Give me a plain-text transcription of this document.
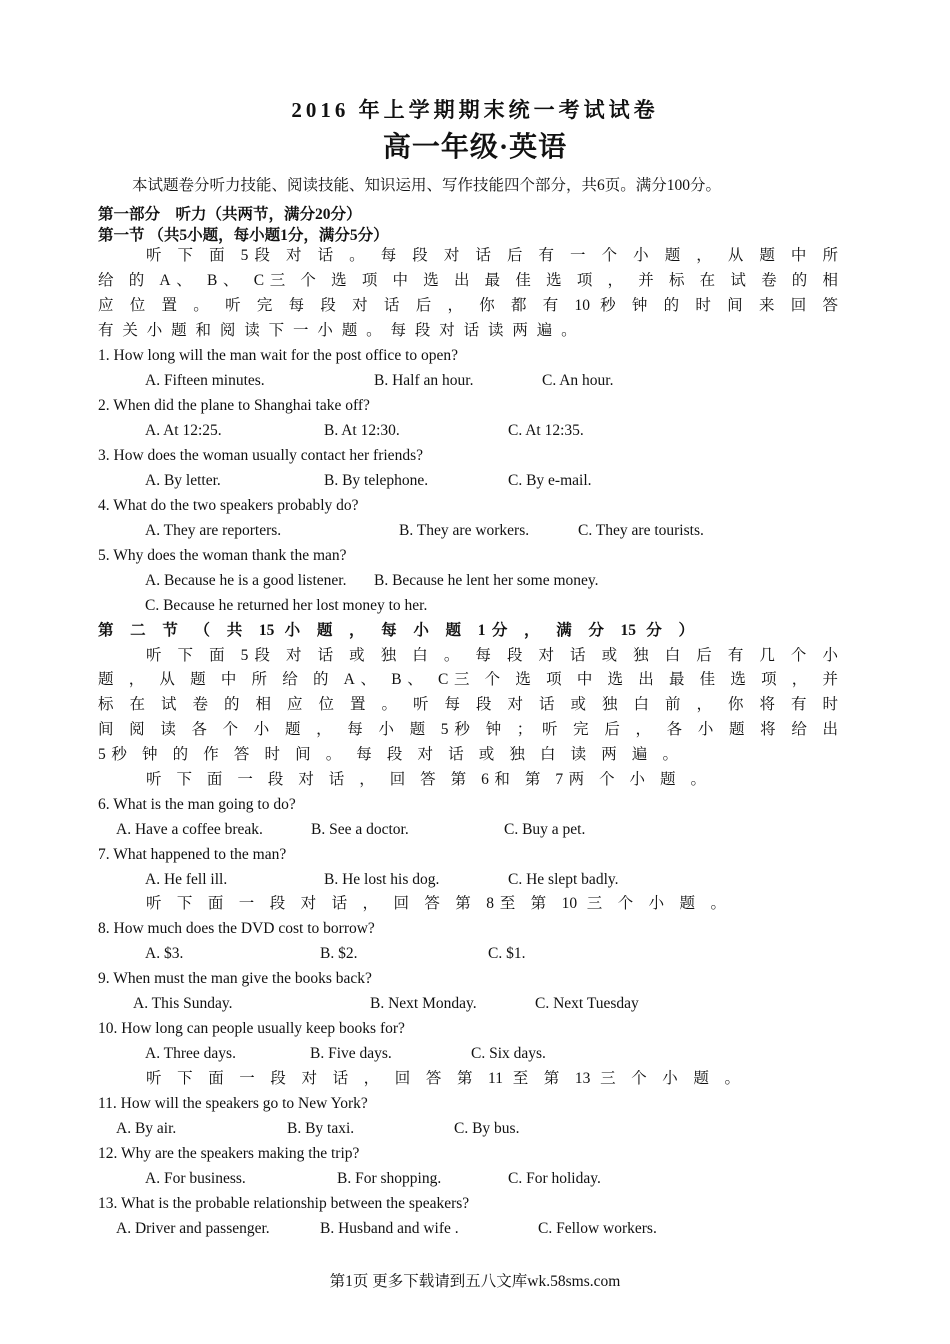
2016 年上学期期末统一考试试卷
高一年级·英语
本试题卷分听力技能、阅读技能、知识运用、写作技能四个部分，共6页。满分100分。
第一部分　听力（共两节，满分20分）
第一节 （共5小题，每小题1分，满分5分）
听 下 面 5段 对 话 。 每 段 对 话 后 有 一 个 小 题 ， 从 题 中 所
给 的 A、 B、 C三 个 选 项 中 选 出 最 佳 选 项 ， 并 标 在 试 卷 的 相
应 位 置 。 听 完 每 段 对 话 后 ， 你 都 有 10 秒 钟 的 时 间 来 回 答
有 关 小 题 和 阅 读 下 一 小 题 。 每 段 对 话 读 两 遍 。
1. How long will the man wait for the post office to open?
A. Fifteen minutes.	B. Half an hour.	C. An hour.
2. When did the plane to Shanghai take off?
A. At 12:25.	B. At 12:30.	C. At 12:35.
3. How does the woman usually contact her friends?
A. By letter.	B. By telephone.	C. By e-mail.
4. What do the two speakers probably do?
A. They are reporters.	B. They are workers.	C. They are tourists.
5. Why does the woman thank the man?
A. Because he is a good listener. B. Because he lent her some money.
C. Because he returned her lost money to her.
第 二 节 （ 共 15 小 题 ， 每 小 题 1分 ， 满 分 15 分 ）
听 下 面 5段 对 话 或 独 白 。 每 段 对 话 或 独 白 后 有 几 个 小
题 ， 从 题 中 所 给 的 A、 B、 C三 个 选 项 中 选 出 最 佳 选 项 ， 并
标 在 试 卷 的 相 应 位 置 。 听 每 段 对 话 或 独 白 前 ， 你 将 有 时
间 阅 读 各 个 小 题 ， 每 小 题 5秒 钟 ； 听 完 后 ， 各 小 题 将 给 出
5秒 钟 的 作 答 时 间 。 每 段 对 话 或 独 白 读 两 遍 。
听 下 面 一 段 对 话 ， 回 答 第 6和 第 7两 个 小 题 。
6. What is the man going to do?
A. Have a coffee break.	B. See a doctor.	C. Buy a pet.
7. What happened to the man?
A. He fell ill.	B. He lost his dog.	C. He slept badly.
听 下 面 一 段 对 话 ， 回 答 第 8至 第 10 三 个 小 题 。
8. How much does the DVD cost to borrow?
A. $3.	B. $2.	C. $1.
9. When must the man give the books back?
A. This Sunday.	B. Next Monday.	C. Next Tuesday
10. How long can people usually keep books for?
A. Three days.	B. Five days.	C. Six days.
听 下 面 一 段 对 话 ， 回 答 第 11 至 第 13 三 个 小 题 。
11. How will the speakers go to New York?
A. By air.	B. By taxi.	C. By bus.
12. Why are the speakers making the trip?
A. For business.	B. For shopping.	C. For holiday.
13. What is the probable relationship between the speakers?
A. Driver and passenger.	B. Husband and wife .	C. Fellow workers.
第1页 更多下载请到五八文库wk.58sms.com
